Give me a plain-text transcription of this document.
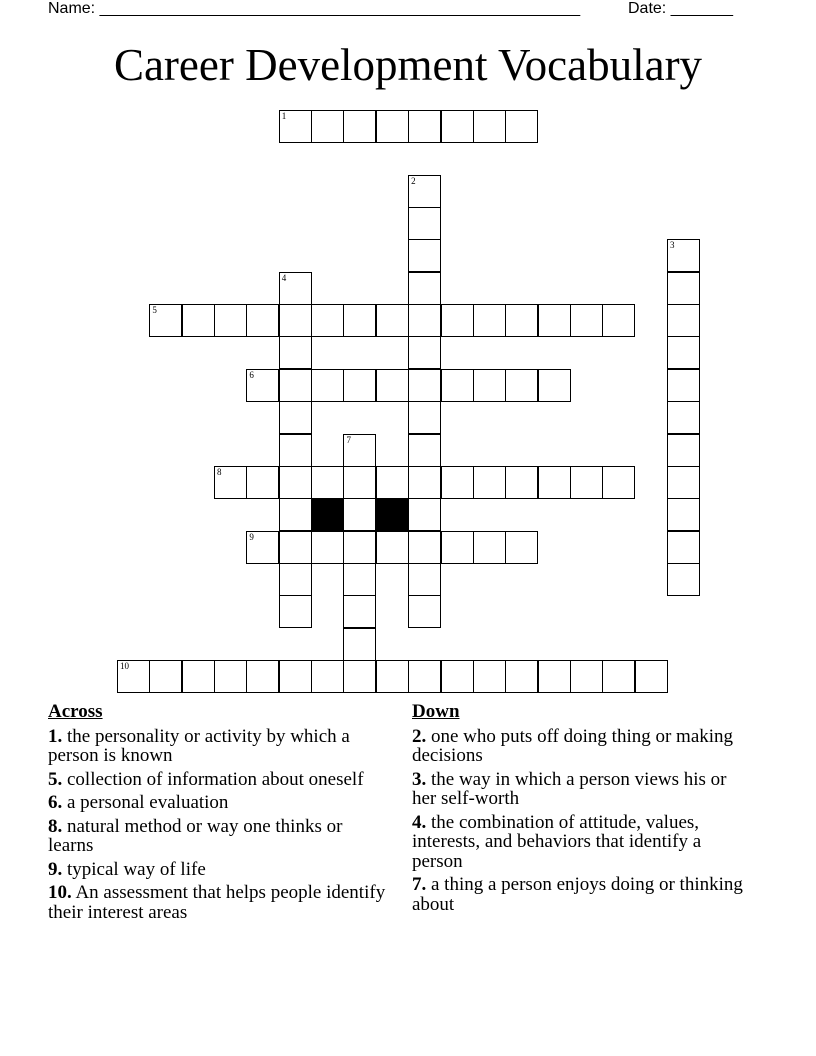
Name: ______________________________________________________	Date: _______
Career Development Vocabulary
1
5
6
8
9
10
2
3
4
7
Across
1. the personality or activity by which a person is known
5. collection of information about oneself
6. a personal evaluation
8. natural method or way one thinks or learns
9. typical way of life
10. An assessment that helps people identify their interest areas
Down
2. one who puts off doing thing or making decisions
3. the way in which a person views his or her self-worth
4. the combination of attitude, values, interests, and behaviors that identify a person
7. a thing a person enjoys doing or thinking about
